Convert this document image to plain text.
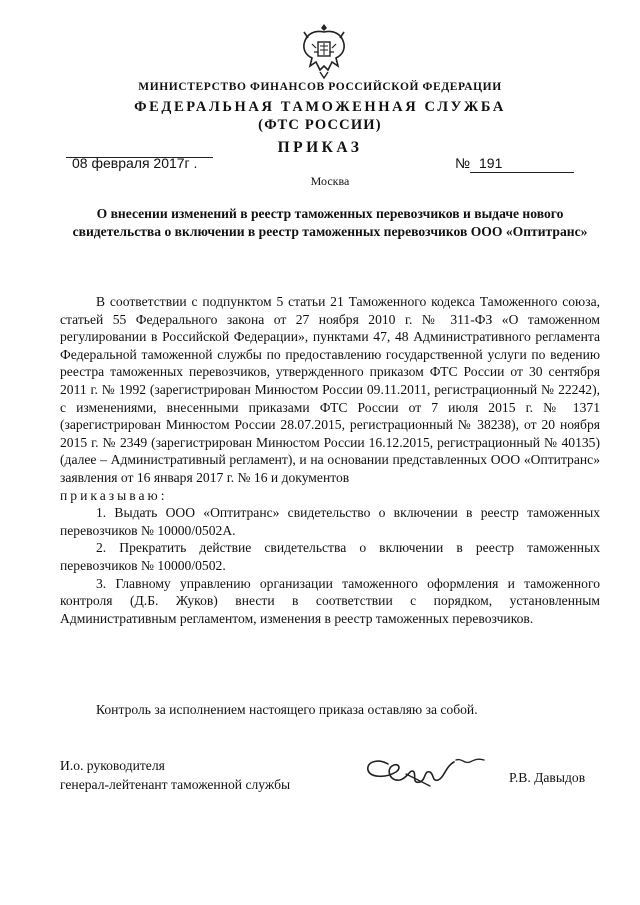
МИНИСТЕРСТВО ФИНАНСОВ РОССИЙСКОЙ ФЕДЕРАЦИИ
ФЕДЕРАЛЬНАЯ ТАМОЖЕННАЯ СЛУЖБА
(ФТС РОССИИ)
ПРИКАЗ
08 февраля 2017г .	№ 191
Москва
О внесении изменений в реестр таможенных перевозчиков и выдаче нового свидетельства о включении в реестр таможенных перевозчиков ООО «Оптитранс»

В соответствии с подпунктом 5 статьи 21 Таможенного кодекса Таможенного союза, статьей 55 Федерального закона от 27 ноября 2010 г. № 311-ФЗ «О таможенном регулировании в Российской Федерации», пунктами 47, 48 Административного регламента Федеральной таможенной службы по предоставлению государственной услуги по ведению реестра таможенных перевозчиков, утвержденного приказом ФТС России от 30 сентября 2011 г. № 1992 (зарегистрирован Минюстом России 09.11.2011, регистрационный № 22242), с изменениями, внесенными приказами ФТС России от 7 июля 2015 г. № 1371 (зарегистрирован Минюстом России 28.07.2015, регистрационный № 38238), от 20 ноября 2015 г. № 2349 (зарегистрирован Минюстом России 16.12.2015, регистрационный № 40135) (далее – Административный регламент), и на основании представленных ООО «Оптитранс» заявления от 16 января 2017 г. № 16 и документов

приказываю:

1. Выдать ООО «Оптитранс» свидетельство о включении в реестр таможенных перевозчиков № 10000/0502А.

2. Прекратить действие свидетельства о включении в реестр таможенных перевозчиков № 10000/0502.

3. Главному управлению организации таможенного оформления и таможенного контроля (Д.Б. Жуков) внести в соответствии с порядком, установленным Административным регламентом, изменения в реестр таможенных перевозчиков.

Контроль за исполнением настоящего приказа оставляю за собой.
И.о. руководителя
генерал-лейтенант таможенной службы	Р.В. Давыдов
